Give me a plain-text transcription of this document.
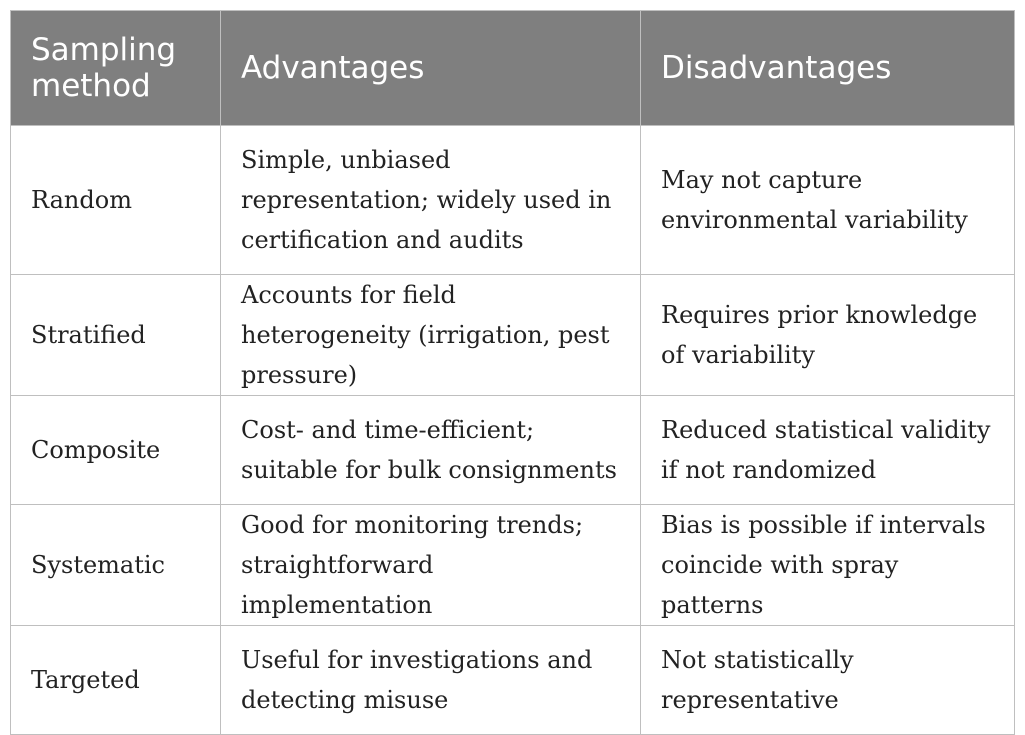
Sampling method	Advantages	Disadvantages
Random	Simple, unbiased representation; widely used in certification and audits	May not capture environmental variability
Stratified	Accounts for field heterogeneity (irrigation, pest pressure)	Requires prior knowledge of variability
Composite	Cost- and time-efficient; suitable for bulk consignments	Reduced statistical validity if not randomized
Systematic	Good for monitoring trends; straightforward implementation	Bias is possible if intervals coincide with spray patterns
Targeted	Useful for investigations and detecting misuse	Not statistically representative
